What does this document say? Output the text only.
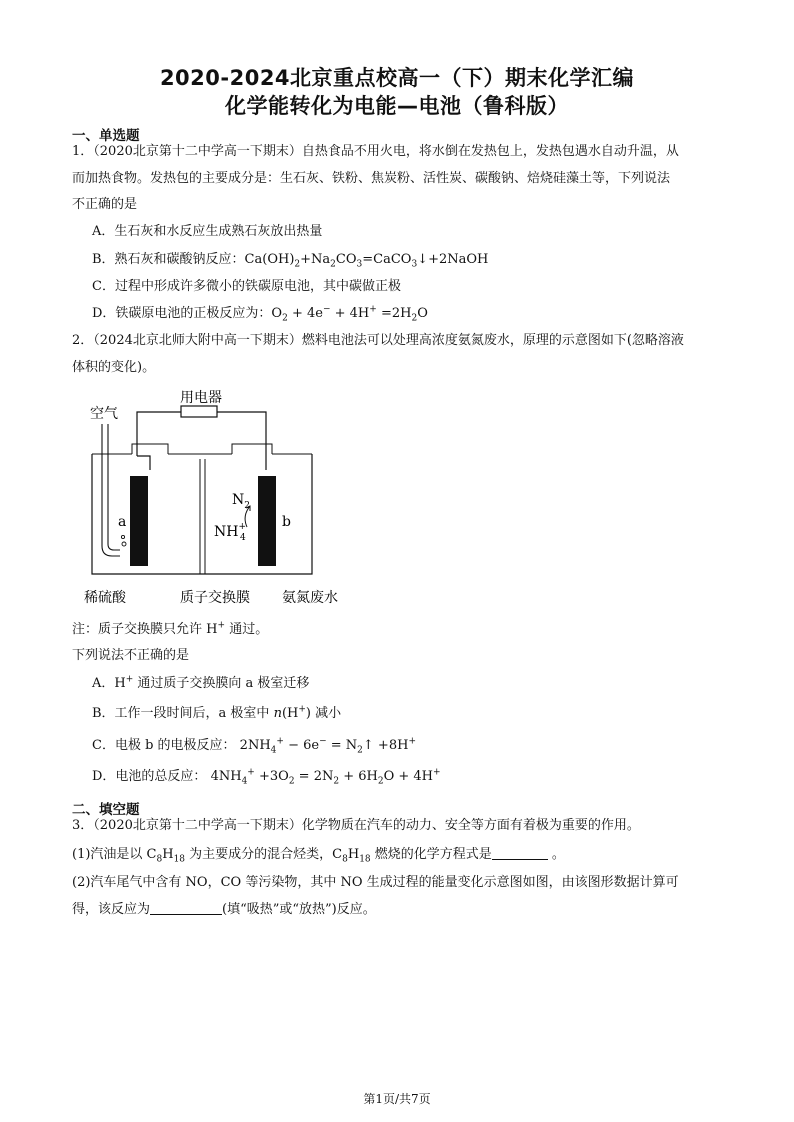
2020-2024北京重点校高一（下）期末化学汇编
化学能转化为电能—电池（鲁科版）
一、单选题
1．（2020北京第十二中学高一下期末）自热食品不用火电，将水倒在发热包上，发热包遇水自动升温，从
而加热食物。发热包的主要成分是：生石灰、铁粉、焦炭粉、活性炭、碳酸钠、焙烧硅藻土等，下列说法
不正确的是
A．生石灰和水反应生成熟石灰放出热量
B．熟石灰和碳酸钠反应：$Ca(OH)_2+Na_2CO_3=CaCO_3↓+2NaOH$
C．过程中形成许多微小的铁碳原电池，其中碳做正极
D．铁碳原电池的正极反应为：$O_2 + 4e^- + 4H^+ =2H_2O$
2．（2024北京北师大附中高一下期末）燃料电池法可以处理高浓度氨氮废水，原理的示意图如下(忽略溶液
体积的变化)。
用电器
空气
a	b
$N_2$
NH+ 4
稀硫酸	质子交换膜 氨氮废水
注：质子交换膜只允许 H+ 通过。
下列说法不正确的是
A．H+ 通过质子交换膜向 a 极室迁移
B．工作一段时间后，a 极室中 n(H+) 减小
C．电极 b 的电极反应： $2NH_4^+ - 6e^-$ = $N_2↑ +8H^+$
D．电池的总反应： $4NH_4^+ +3O_2 = 2N_2 + 6H_2O + 4H^+$
二、填空题
3．（2020北京第十二中学高一下期末）化学物质在汽车的动力、安全等方面有着极为重要的作用。
(1)汽油是以 $C_8H_{18}$ 为主要成分的混合烃类，$C_8H_{18}$ 燃烧的化学方程式是	。
(2)汽车尾气中含有 NO，CO 等污染物，其中 NO 生成过程的能量变化示意图如图，由该图形数据计算可
得，该反应为	(填“吸热”或“放热”)反应。
第1页/共7页
